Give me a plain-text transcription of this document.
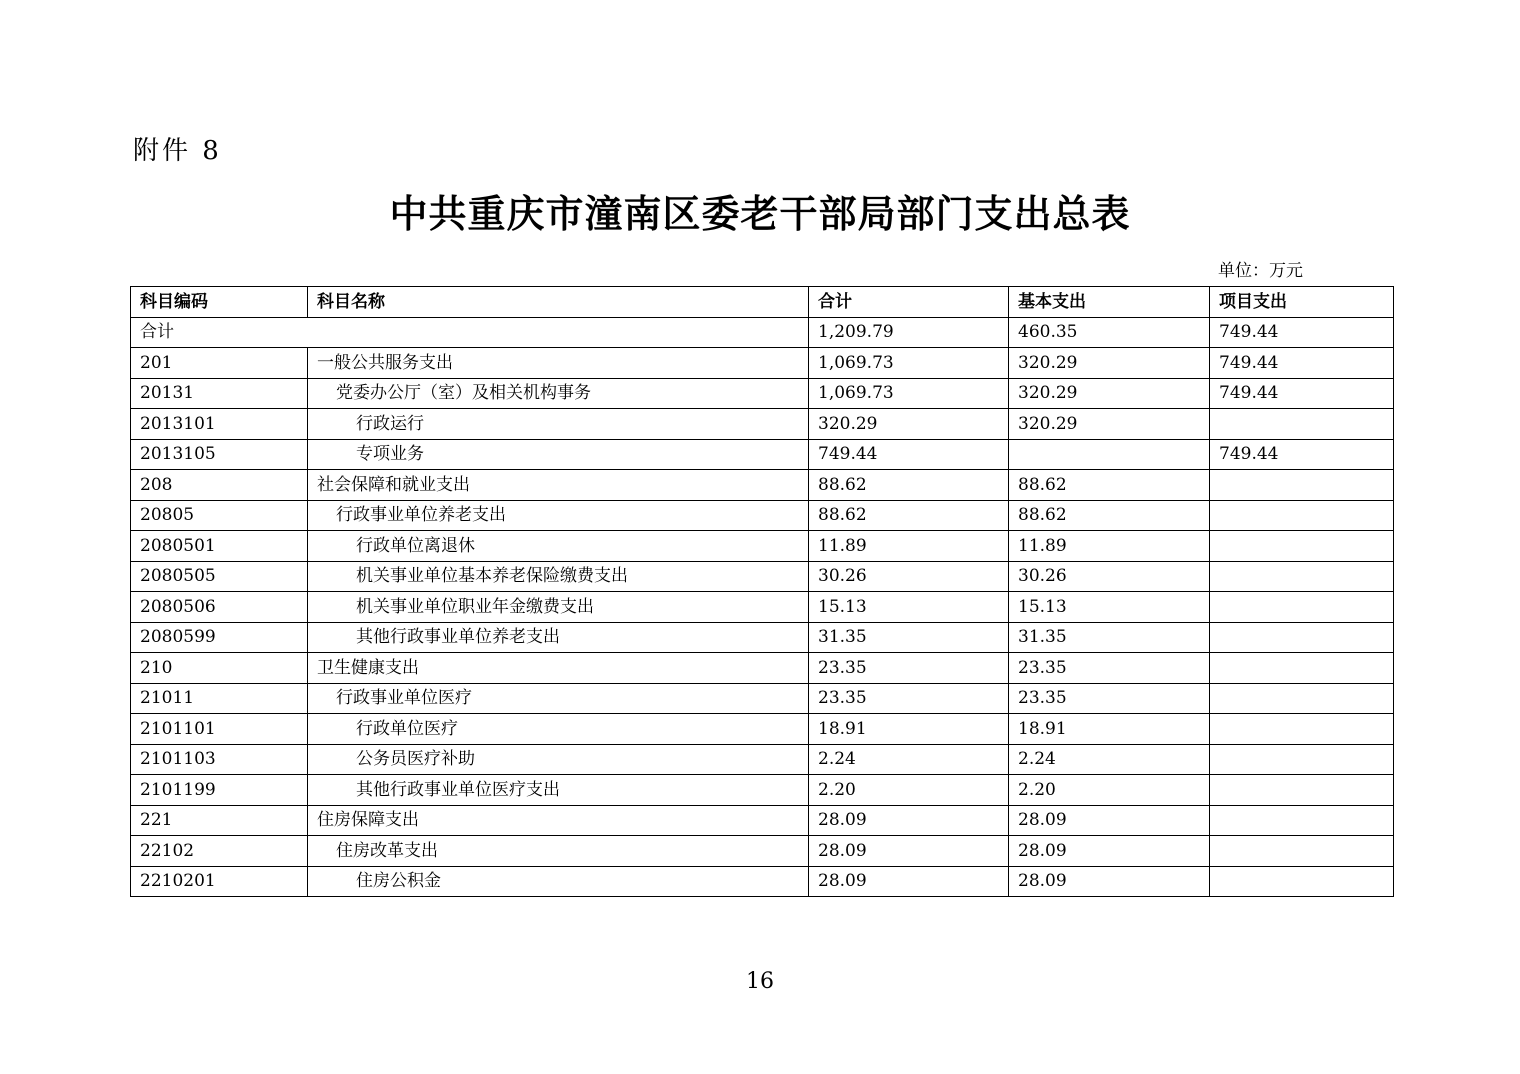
附件 8
中共重庆市潼南区委老干部局部门支出总表
单位：万元
科目编码	科目名称	合计	基本支出	项目支出
合计		1,209.79	460.35	749.44
201	一般公共服务支出	1,069.73	320.29	749.44
20131	党委办公厅（室）及相关机构事务	1,069.73	320.29	749.44
2013101	行政运行	320.29	320.29	
2013105	专项业务	749.44		749.44
208	社会保障和就业支出	88.62	88.62	
20805	行政事业单位养老支出	88.62	88.62	
2080501	行政单位离退休	11.89	11.89	
2080505	机关事业单位基本养老保险缴费支出	30.26	30.26	
2080506	机关事业单位职业年金缴费支出	15.13	15.13	
2080599	其他行政事业单位养老支出	31.35	31.35	
210	卫生健康支出	23.35	23.35	
21011	行政事业单位医疗	23.35	23.35	
2101101	行政单位医疗	18.91	18.91	
2101103	公务员医疗补助	2.24	2.24	
2101199	其他行政事业单位医疗支出	2.20	2.20	
221	住房保障支出	28.09	28.09	
22102	住房改革支出	28.09	28.09	
2210201	住房公积金	28.09	28.09	
16
